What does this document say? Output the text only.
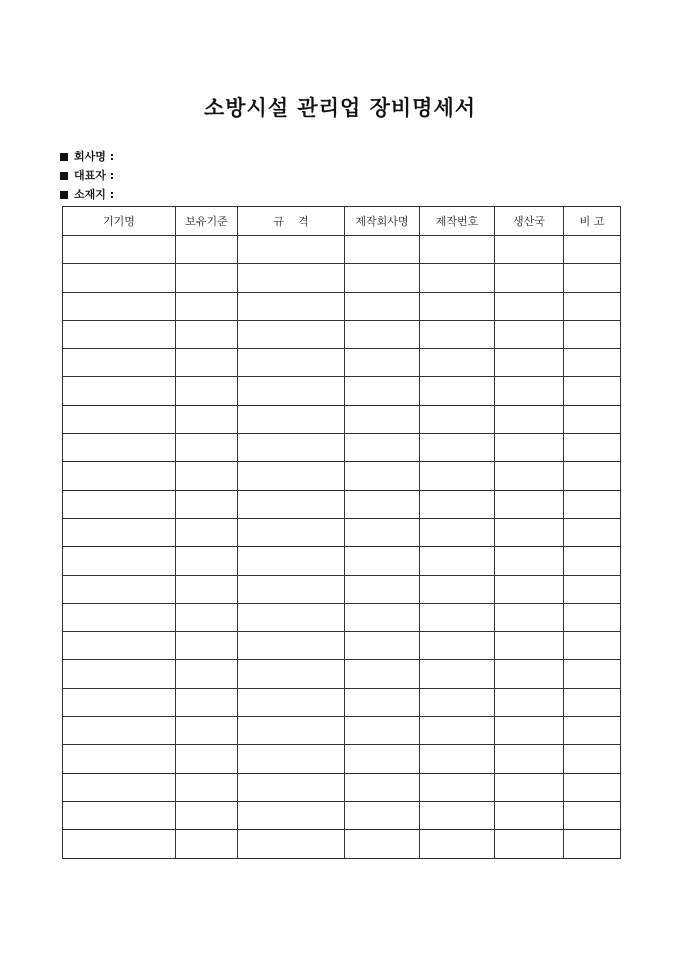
소방시설 관리업 장비명세서
회사명 :
대표자 :
소재지 :
기기명	보유기준	규    격	제작회사명	제작번호	생산국	비 고
